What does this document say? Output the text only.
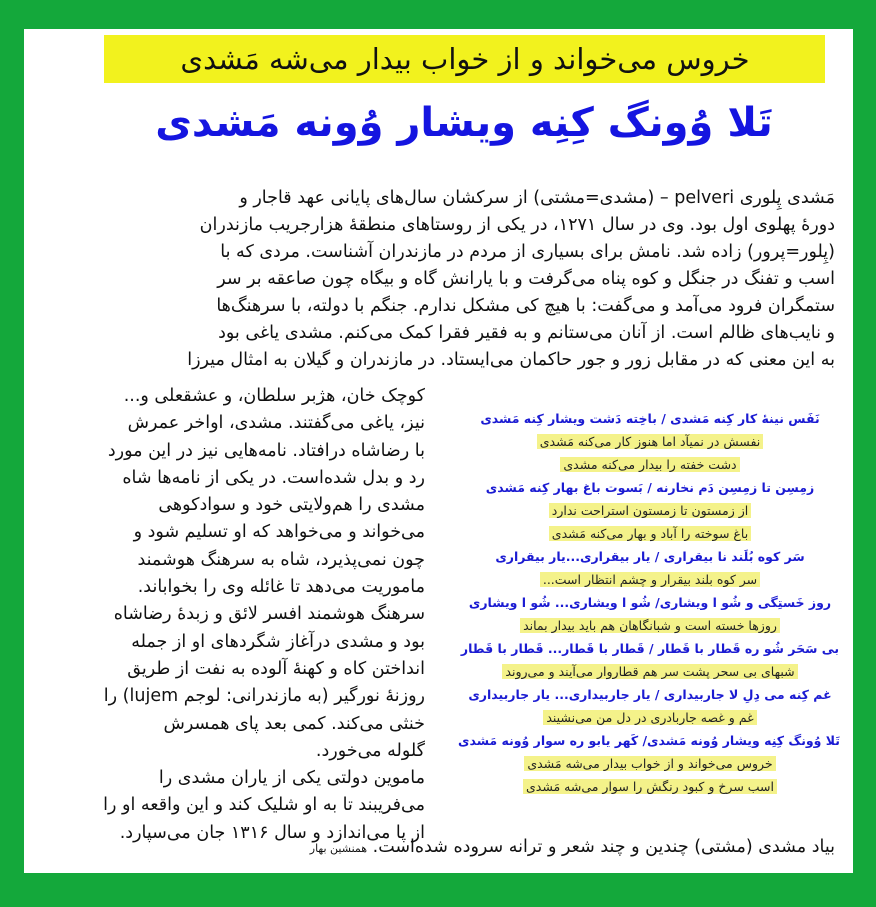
خروس می‌خواند و از خواب بیدار می‌شه مَشدی
تَلا وُونگ کِنِه ویشار وُونه مَشدی
مَشدی پِلوری pelveri – (مشدی=مشتی) از سرکشان سال‌های پایانی عهد قاجار و
دورهٔ پهلوی اول بود. وی در سال ۱۲۷۱، در یکی از روستاهای منطقهٔ هزارجریب مازندران
(پِلور=پرور) زاده شد. نامش برای بسیاری از مردم در مازندران آشناست. مردی که با
اسب و تفنگ در جنگل و کوه پناه می‌گرفت و با یارانش گاه و بیگاه چون صاعقه بر سر
ستمگران فرود می‌آمد و می‌گفت: با هیچ کی مشکل ندارم. جنگم با دولته، با سرهنگ‌ها
و نایب‌های ظالم است. از آنان می‌ستانم و به فقیر فقرا کمک می‌کنم. مشدی یاغی بود
به این معنی که در مقابل زور و جور حاکمان می‌ایستاد. در مازندران و گیلان به امثال میرزا
کوچک خان، هژبر سلطان، و عشقعلی و...
نیز، یاغی می‌گفتند. مشدی، اواخر عمرش
با رضاشاه درافتاد. نامه‌هایی نیز در این مورد
رد و بدل شده‌است. در یکی از نامه‌ها شاه
مشدی را هم‌ولایتی خود و سوادکوهی
می‌خواند و می‌خواهد که او تسلیم شود و
چون نمی‌پذیرد، شاه به سرهنگ هوشمند
ماموریت می‌دهد تا غائله وی را بخواباند.
سرهنگ هوشمند افسر لائق و زبدهٔ رضاشاه
بود و مشدی درآغاز شگردهای او از جمله
انداختن کاه و کهنهٔ آلوده به نفت از طریق
روزنهٔ نورگیر (به مازندرانی: لوجم lujem) را
خنثی می‌کند. کمی بعد پای همسرش
گلوله می‌خورد.
ماموین دولتی یکی از یاران مشدی را
می‌فریبند تا به او شلیک کند و این واقعه او را
از پا می‌اندازد و سال ۱۳۱۶ جان می‌سپارد.
نَفَس نینهٔ کار کِنه مَشدی / باخِته دَشت ویشار کِنه مَشدی
نفسش در نمیآد اما هنوز کار می‌کنه مَشدی
دشت خفته را بیدار می‌کنه مشدی
زمِسِن تا زمِسِن دَم نخارنه / بَسوت باغ بهار کِنه مَشدی
از زمستون تا زمستون استراحت ندارد
باغ سوخته را آباد و بهار می‌کنه مَشدی
سَر کوه بُلَند نا بیقراری / یار بیقراری...یار بیقراری
سر کوه بلند بیقرار و چشم انتظار است...
روز خَستِگی و شُو ا ویشاری/ شُو ا ویشاری... شُو ا ویشاری
روزها خسته است و شبانگاهان هم باید بیدار بماند
بی سَحَر شُو ره قَطار با قَطار / قَطار با قَطار... قَطار با قَطار
شبهای بی سحر پشت سر هم قطاروار می‌آیند و می‌روند
غم کِنه می دِلِ لا جاربیداری / یار جاربیداری... یار جاربیداری
غم و غصه جاربادری در دل من می‌نشیند
تَلا وُونگ کِنِه ویشار وُونه مَشدی/ کَهر یابو ره سوار وُونه مَشدی
خروس می‌خواند و از خواب بیدار می‌شه مَشدی
اسب سرخ و کبود رنگش را سوار می‌شه مَشدی
بیاد مشدی (مشتی) چندین و چند شعر و ترانه سروده شده‌است. همنشین بهار
